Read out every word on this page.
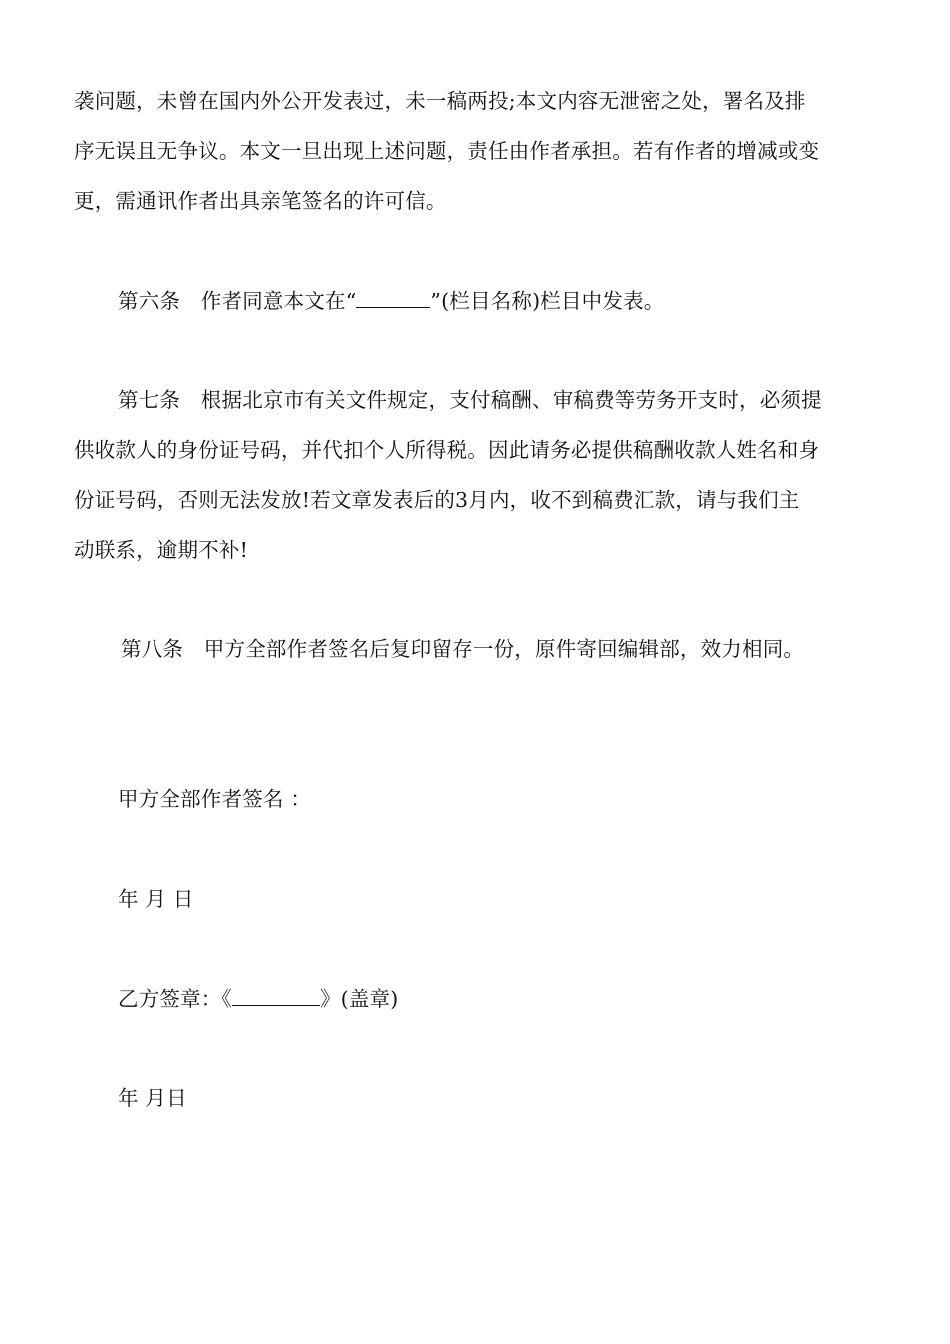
袭问题，未曾在国内外公开发表过，未一稿两投;本文内容无泄密之处，署名及排
序无误且无争议。本文一旦出现上述问题，责任由作者承担。若有作者的增减或变
更，需通讯作者出具亲笔签名的许可信。
第六条　作者同意本文在“	”(栏目名称)栏目中发表。
第七条　根据北京市有关文件规定，支付稿酬、审稿费等劳务开支时，必须提
供收款人的身份证号码，并代扣个人所得税。因此请务必提供稿酬收款人姓名和身
份证号码，否则无法发放!若文章发表后的3月内，收不到稿费汇款，请与我们主
动联系，逾期不补!
第八条　甲方全部作者签名后复印留存一份，原件寄回编辑部，效力相同。
甲方全部作者签名 ：
年 月 日
乙方签章：《	》(盖章)
年 月日
